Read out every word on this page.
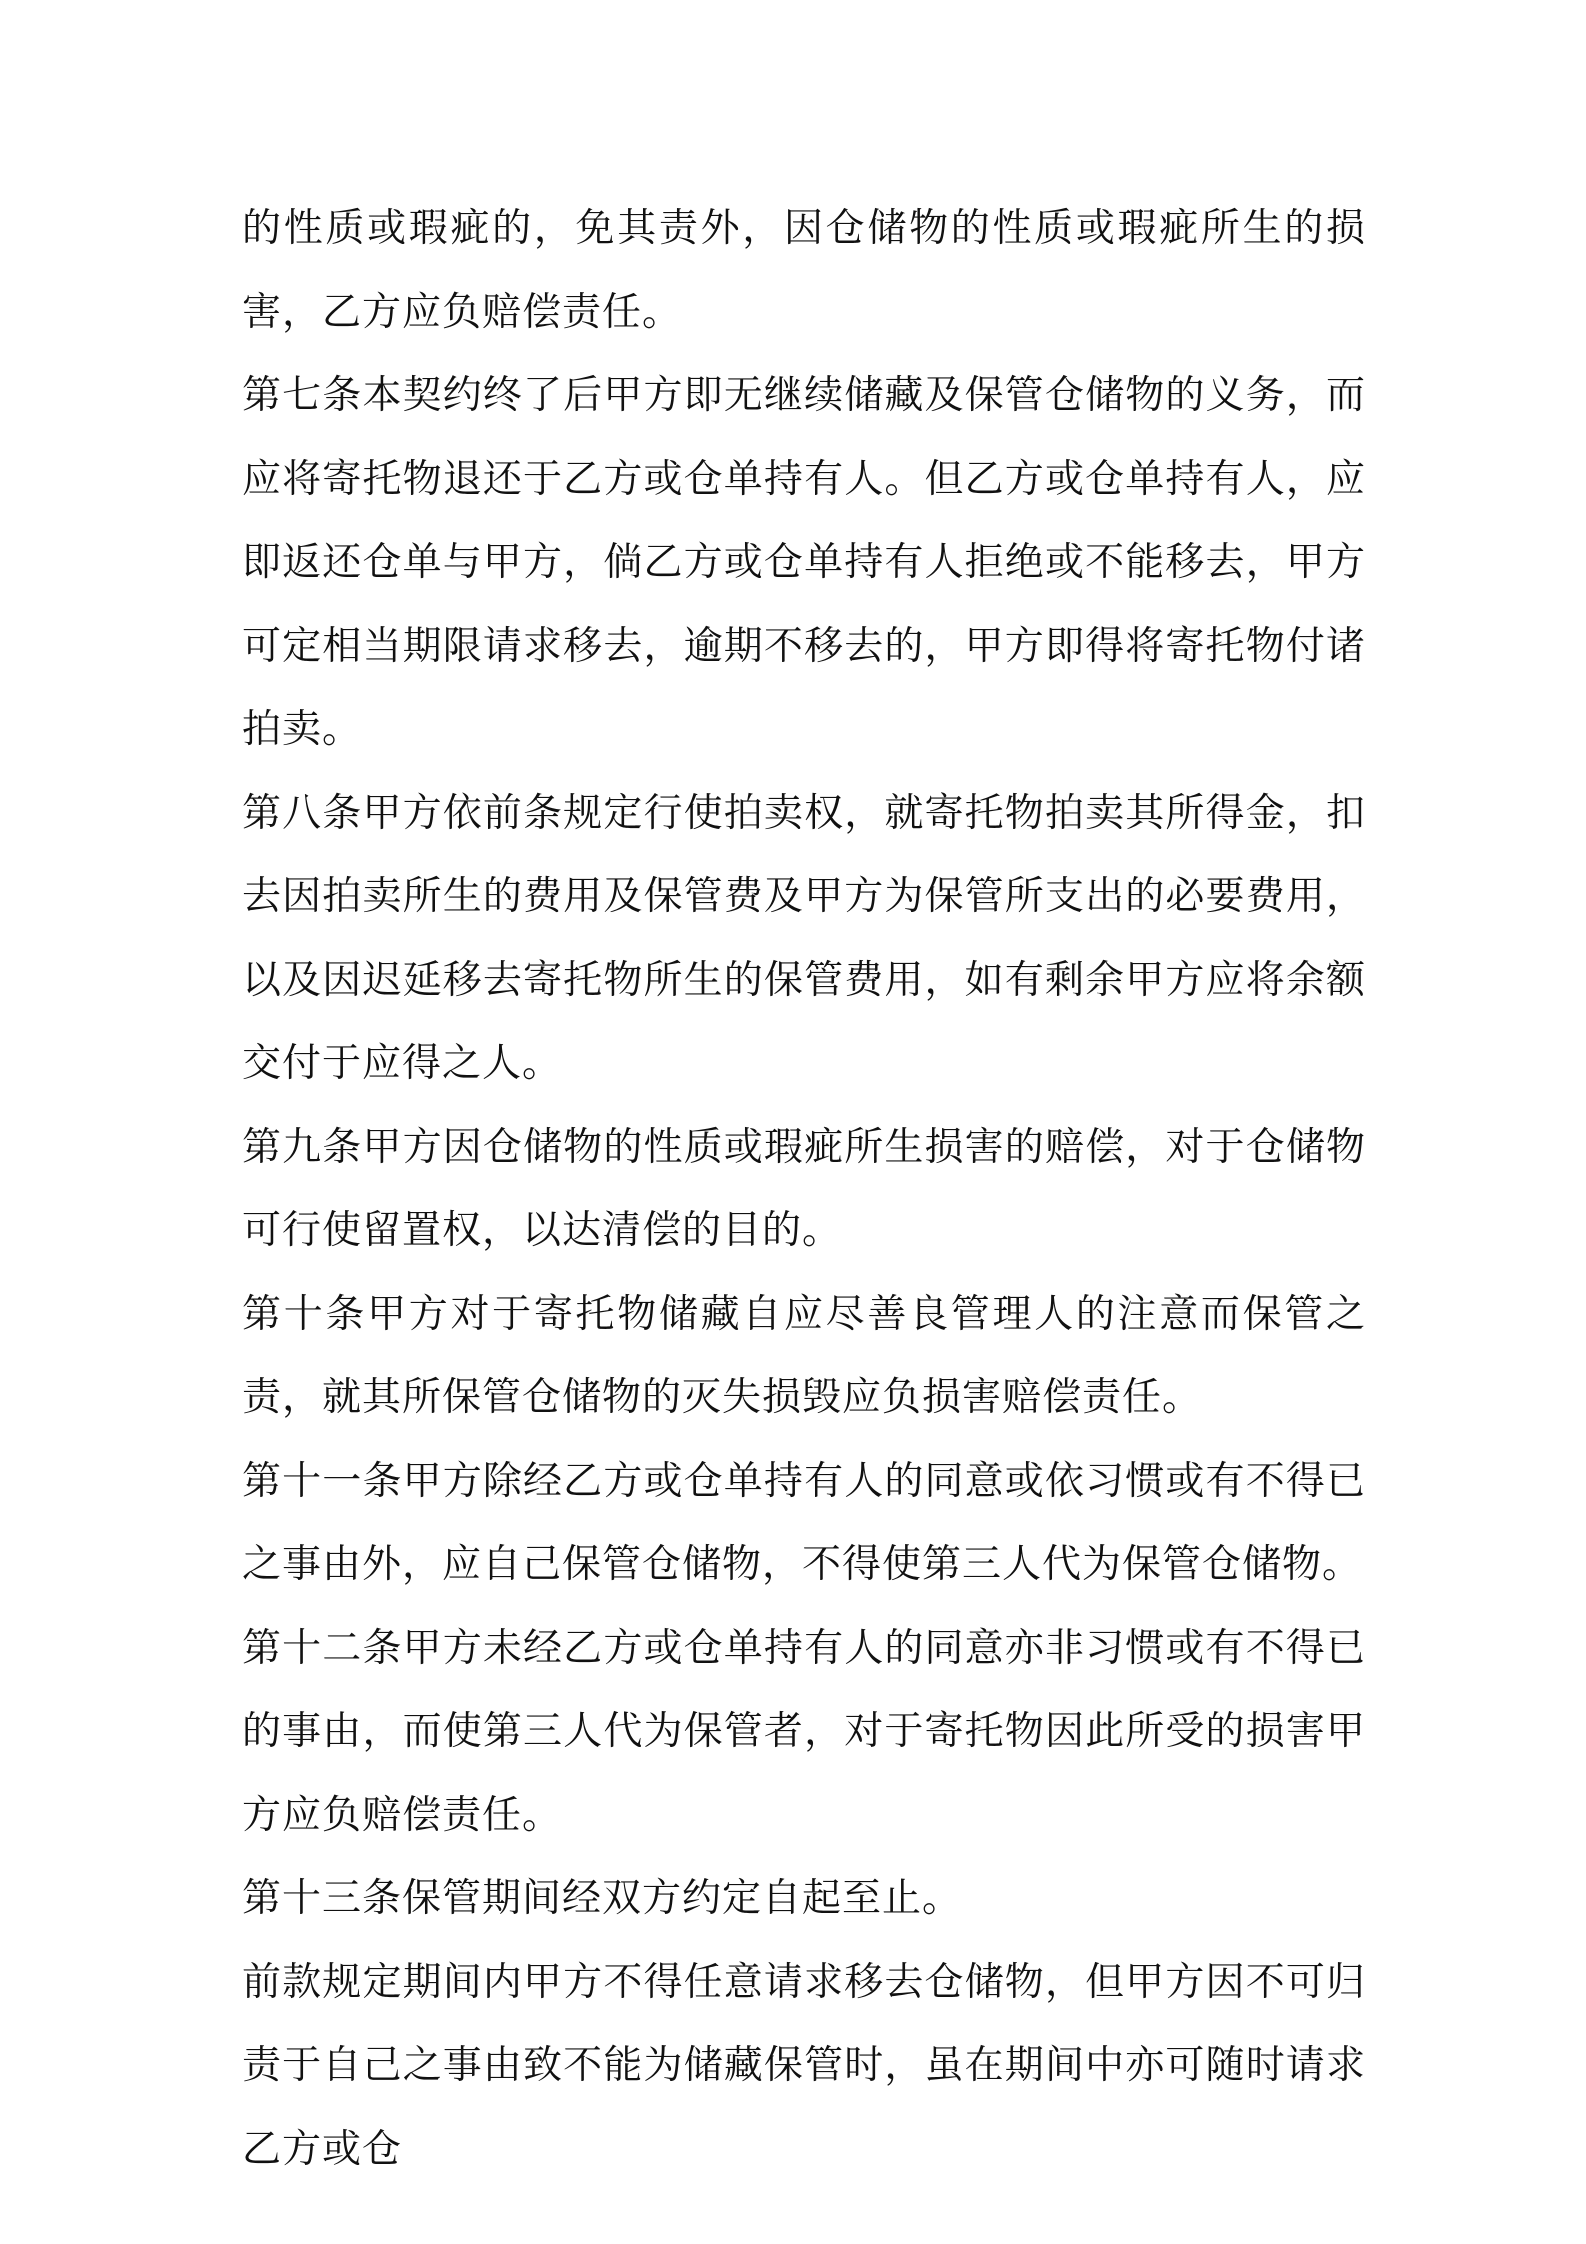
的性质或瑕疵的，免其责外，因仓储物的性质或瑕疵所生的损害，乙方应负赔偿责任。

第七条本契约终了后甲方即无继续储藏及保管仓储物的义务，而应将寄托物退还于乙方或仓单持有人。但乙方或仓单持有人，应即返还仓单与甲方，倘乙方或仓单持有人拒绝或不能移去，甲方可定相当期限请求移去，逾期不移去的，甲方即得将寄托物付诸拍卖。

第八条甲方依前条规定行使拍卖权，就寄托物拍卖其所得金，扣去因拍卖所生的费用及保管费及甲方为保管所支出的必要费用，以及因迟延移去寄托物所生的保管费用，如有剩余甲方应将余额交付于应得之人。

第九条甲方因仓储物的性质或瑕疵所生损害的赔偿，对于仓储物可行使留置权，以达清偿的目的。

第十条甲方对于寄托物储藏自应尽善良管理人的注意而保管之责，就其所保管仓储物的灭失损毁应负损害赔偿责任。

第十一条甲方除经乙方或仓单持有人的同意或依习惯或有不得已之事由外，应自己保管仓储物，不得使第三人代为保管仓储物。

第十二条甲方未经乙方或仓单持有人的同意亦非习惯或有不得已的事由，而使第三人代为保管者，对于寄托物因此所受的损害甲方应负赔偿责任。

第十三条保管期间经双方约定自起至止。

前款规定期间内甲方不得任意请求移去仓储物，但甲方因不可归责于自己之事由致不能为储藏保管时，虽在期间中亦可随时请求乙方或仓
